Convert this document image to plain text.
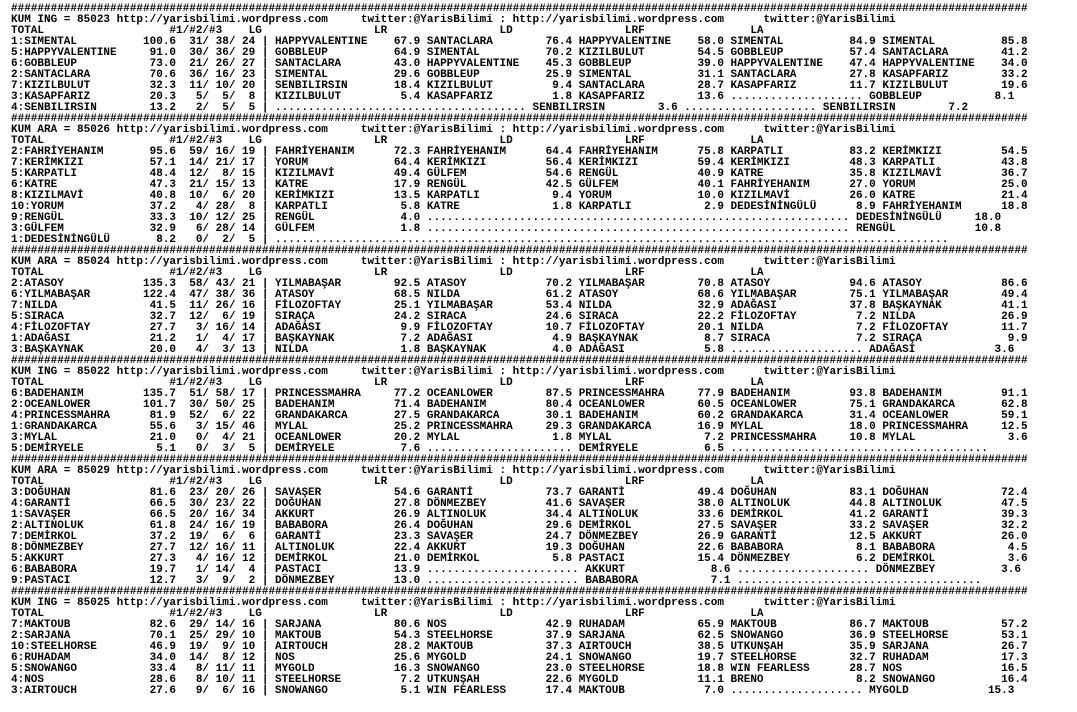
##########################################################################################################################################################
KUM ING = 85023 http://yarisbilimi.wordpress.com     twitter:@YarisBilimi : http://yarisbilimi.wordpress.com      twitter:@YarisBilimi
TOTAL                   #1/#2/#3    LG                 LR                 LD                 LRF                LA
1:SIMENTAL          100.6  31/ 38/ 24 | HAPPYVALENTINE    67.9 SANTACLARA        76.4 HAPPYVALENTINE    58.0 SIMENTAL          84.9 SIMENTAL          85.8
5:HAPPYVALENTINE     91.0  30/ 36/ 29 | GOBBLEUP          64.9 SIMENTAL          70.2 KIZILBULUT        54.5 GOBBLEUP          57.4 SANTACLARA        41.2
6:GOBBLEUP           73.0  21/ 26/ 27 | SANTACLARA        43.0 HAPPYVALENTINE    45.3 GOBBLEUP          39.0 HAPPYVALENTINE    47.4 HAPPYVALENTINE    34.0
2:SANTACLARA         70.6  36/ 16/ 23 | SIMENTAL          29.6 GOBBLEUP          25.9 SIMENTAL          31.1 SANTACLARA        27.8 KASAPFARIZ        33.2
7:KIZILBULUT         32.3  11/ 10/ 20 | SENBILIRSIN       18.4 KIZILBULUT         9.4 SANTACLARA        28.7 KASAPFARIZ        11.7 KIZILBULUT        19.6
3:KASAPFARIZ         20.3   5/  5/  8 | KIZILBULUT         5.4 KASAPFARIZ         1.8 KASAPFARIZ        13.6 .................... GOBBLEUP           8.1
4:SENBILIRSIN        13.2   2/  5/  5 | ...................................... SENBILIRSIN        3.6 .................... SENBILIRSIN        7.2
##########################################################################################################################################################
KUM ARA = 85026 http://yarisbilimi.wordpress.com     twitter:@YarisBilimi : http://yarisbilimi.wordpress.com      twitter:@YarisBilimi
TOTAL                   #1/#2/#3    LG                 LR                 LD                 LRF                LA
2:FAHRİYEHANIM       95.6  59/ 16/ 19 | FAHRİYEHANIM      72.3 FAHRİYEHANIM      64.4 FAHRİYEHANIM      75.8 KARPATLI          83.2 KERİMKIZI         54.5
7:KERİMKIZI          57.1  14/ 21/ 17 | YORUM             64.4 KERİMKIZI         56.4 KERİMKIZI         59.4 KERİMKIZI         48.3 KARPATLI          43.8
5:KARPATLI           48.4  12/  8/ 15 | KIZILMAVİ         49.4 GÜLFEM            54.6 RENGÜL            40.9 KATRE             35.8 KIZILMAVİ         36.7
6:KATRE              47.3  21/ 15/ 13 | KATRE             17.9 RENGÜL            42.5 GÜLFEM            40.1 FAHRİYEHANIM      27.0 YORUM             25.0
8:KIZILMAVİ          40.8  10/  6/ 20 | KERİMKIZI         13.5 KARPATLI           9.4 YORUM             10.0 KIZILMAVİ         26.0 KATRE             21.4
10:YORUM             37.2   4/ 28/  8 | KARPATLI           5.8 KATRE              1.8 KARPATLI           2.9 DEDESİNİNGÜLÜ      8.9 FAHRİYEHANIM      18.8
9:RENGÜL             33.3  10/ 12/ 25 | RENGÜL             4.0 ................................................................ DEDESİNİNGÜLÜ     18.0
3:GÜLFEM             32.9   6/ 28/ 14 | GÜLFEM             1.8 ................................................................ RENGÜL            10.8
1:DEDESİNİNGÜLÜ       8.2   0/  2/  5 | ......................................................................................................
##########################################################################################################################################################
KUM ARA = 85024 http://yarisbilimi.wordpress.com     twitter:@YarisBilimi : http://yarisbilimi.wordpress.com      twitter:@YarisBilimi
TOTAL                   #1/#2/#3    LG                 LR                 LD                 LRF                LA
2:ATASOY            135.3  58/ 43/ 21 | YILMABAŞAR        92.5 ATASOY            70.2 YILMABAŞAR        70.8 ATASOY            94.6 ATASOY            86.6
6:YILMABAŞAR        122.4  47/ 38/ 36 | ATASOY            68.5 NILDA             61.2 ATASOY            68.6 YILMABAŞAR        75.1 YILMABAŞAR        49.4
7:NILDA              41.5  11/ 26/ 16 | FİLOZOFTAY        25.1 YILMABAŞAR        53.4 NILDA             32.9 ADAĞASI           37.8 BAŞKAYNAK         41.1
5:SIRACA             32.7  12/  6/ 19 | SIRAÇA            24.2 SIRACA            24.6 SIRACA            22.2 FİLOZOFTAY         7.2 NILDA             26.9
4:FİLOZOFTAY         27.7   3/ 16/ 14 | ADAĞASI            9.9 FİLOZOFTAY        10.7 FİLOZOFTAY        20.1 NILDA              7.2 FİLOZOFTAY        11.7
1:ADAĞASI            21.2   1/  4/ 17 | BAŞKAYNAK          7.2 ADAĞASI            4.9 BAŞKAYNAK          8.7 SIRACA             7.2 SIRAÇA             9.9
3:BAŞKAYNAK          20.0   4/  3/ 13 | NILDA              1.8 BAŞKAYNAK          4.0 ADAĞASI            5.8 .................... ADAĞASI            3.6
##########################################################################################################################################################
KUM ING = 85022 http://yarisbilimi.wordpress.com     twitter:@YarisBilimi : http://yarisbilimi.wordpress.com      twitter:@YarisBilimi
TOTAL                   #1/#2/#3    LG                 LR                 LD                 LRF                LA
6:BADEHANIM         135.7  51/ 58/ 17 | PRINCESSMAHRA     77.2 OCEANLOWER        87.5 PRINCESSMAHRA     77.9 BADEHANIM         93.8 BADEHANIM         91.1
2:OCEANLOWER        101.7  30/ 50/ 25 | BADEHANIM         71.4 BADEHANIM         80.4 OCEANLOWER        60.5 OCEANLOWER        75.1 GRANDAKARCA       62.8
4:PRINCESSMAHRA      81.9  52/  6/ 22 | GRANDAKARCA       27.5 GRANDAKARCA       30.1 BADEHANIM         60.2 GRANDAKARCA       31.4 OCEANLOWER        59.1
1:GRANDAKARCA        55.6   3/ 15/ 46 | MYLAL             25.2 PRINCESSMAHRA     29.3 GRANDAKARCA       16.9 MYLAL             18.0 PRINCESSMAHRA     12.5
3:MYLAL              21.0   0/  4/ 21 | OCEANLOWER        20.2 MYLAL              1.8 MYLAL              7.2 PRINCESSMAHRA     10.8 MYLAL              3.6
5:DEMİRYELE           5.1   0/  3/  5 | DEMİRYELE          7.6 ...................... DEMİRYELE          6.5 .......................................
##########################################################################################################################################################
KUM ARA = 85029 http://yarisbilimi.wordpress.com     twitter:@YarisBilimi : http://yarisbilimi.wordpress.com      twitter:@YarisBilimi
TOTAL                   #1/#2/#3    LG                 LR                 LD                 LRF                LA
3:DOĞUHAN            81.6  23/ 20/ 26 | SAVAŞER           54.6 GARANTİ           73.7 GARANTİ           49.4 DOĞUHAN           83.1 DOĞUHAN           72.4
4:GARANTİ            66.5  30/ 23/ 22 | DOĞUHAN           27.8 DÖNMEZBEY         41.6 SAVAŞER           38.0 ALTINOLUK         44.8 ALTINOLUK         47.5
1:SAVAŞER            66.5  20/ 16/ 34 | AKKURT            26.9 ALTINOLUK         34.4 ALTINOLUK         33.6 DEMİRKOL          41.2 GARANTİ           39.3
2:ALTINOLUK          61.8  24/ 16/ 19 | BABABORA          26.4 DOĞUHAN           29.6 DEMİRKOL          27.5 SAVAŞER           33.2 SAVAŞER           32.2
7:DEMİRKOL           37.2  19/  6/  6 | GARANTİ           23.3 SAVAŞER           24.7 DÖNMEZBEY         26.9 GARANTİ           12.5 AKKURT            26.0
8:DÖNMEZBEY          27.7  12/ 16/ 11 | ALTINOLUK         22.4 AKKURT            19.3 DOĞUHAN           22.6 BABABORA           8.1 BABABORA           4.5
5:AKKURT             27.3   4/ 16/ 12 | DEMİRKOL          21.0 DEMİRKOL           5.8 PASTACI           15.4 DÖNMEZBEY          6.2 DEMİRKOL           3.6
6:BABABORA           19.7   1/ 14/  4 | PASTACI           13.9 ....................... AKKURT             8.6 .................... DÖNMEZBEY          3.6
9:PASTACI            12.7   3/  9/  2 | DÖNMEZBEY         13.0 ....................... BABABORA           7.1 .....................................
##########################################################################################################################################################
KUM ING = 85025 http://yarisbilimi.wordpress.com     twitter:@YarisBilimi : http://yarisbilimi.wordpress.com      twitter:@YarisBilimi
TOTAL                   #1/#2/#3    LG                 LR                 LD                 LRF                LA
7:MAKTOUB            82.6  29/ 14/ 16 | SARJANA           80.6 NOS               42.9 RUHADAM           65.9 MAKTOUB           86.7 MAKTOUB           57.2
2:SARJANA            70.1  25/ 29/ 10 | MAKTOUB           54.3 STEELHORSE        37.9 SARJANA           62.5 SNOWANGO          36.9 STEELHORSE        53.1
10:STEELHORSE        46.9  19/  9/ 10 | AIRTOUCH          28.2 MAKTOUB           37.3 AIRTOUCH          38.5 UTKUNŞAH          35.9 SARJANA           26.7
6:RUHADAM            34.0  14/  8/ 12 | NOS               25.6 MYGOLD            24.1 SNOWANGO          19.7 STEELHORSE        32.7 RUHADAM           17.3
5:SNOWANGO           33.4   8/ 11/ 11 | MYGOLD            16.3 SNOWANGO          23.0 STEELHORSE        18.8 WIN FEARLESS      28.7 NOS               16.5
4:NOS                28.6   8/ 10/ 11 | STEELHORSE         7.2 UTKUNŞAH          22.6 MYGOLD            11.1 BRENO              8.2 SNOWANGO          16.4
3:AIRTOUCH           27.6   9/  6/ 16 | SNOWANGO           5.1 WIN FEARLESS      17.4 MAKTOUB            7.0 .................... MYGOLD            15.3
